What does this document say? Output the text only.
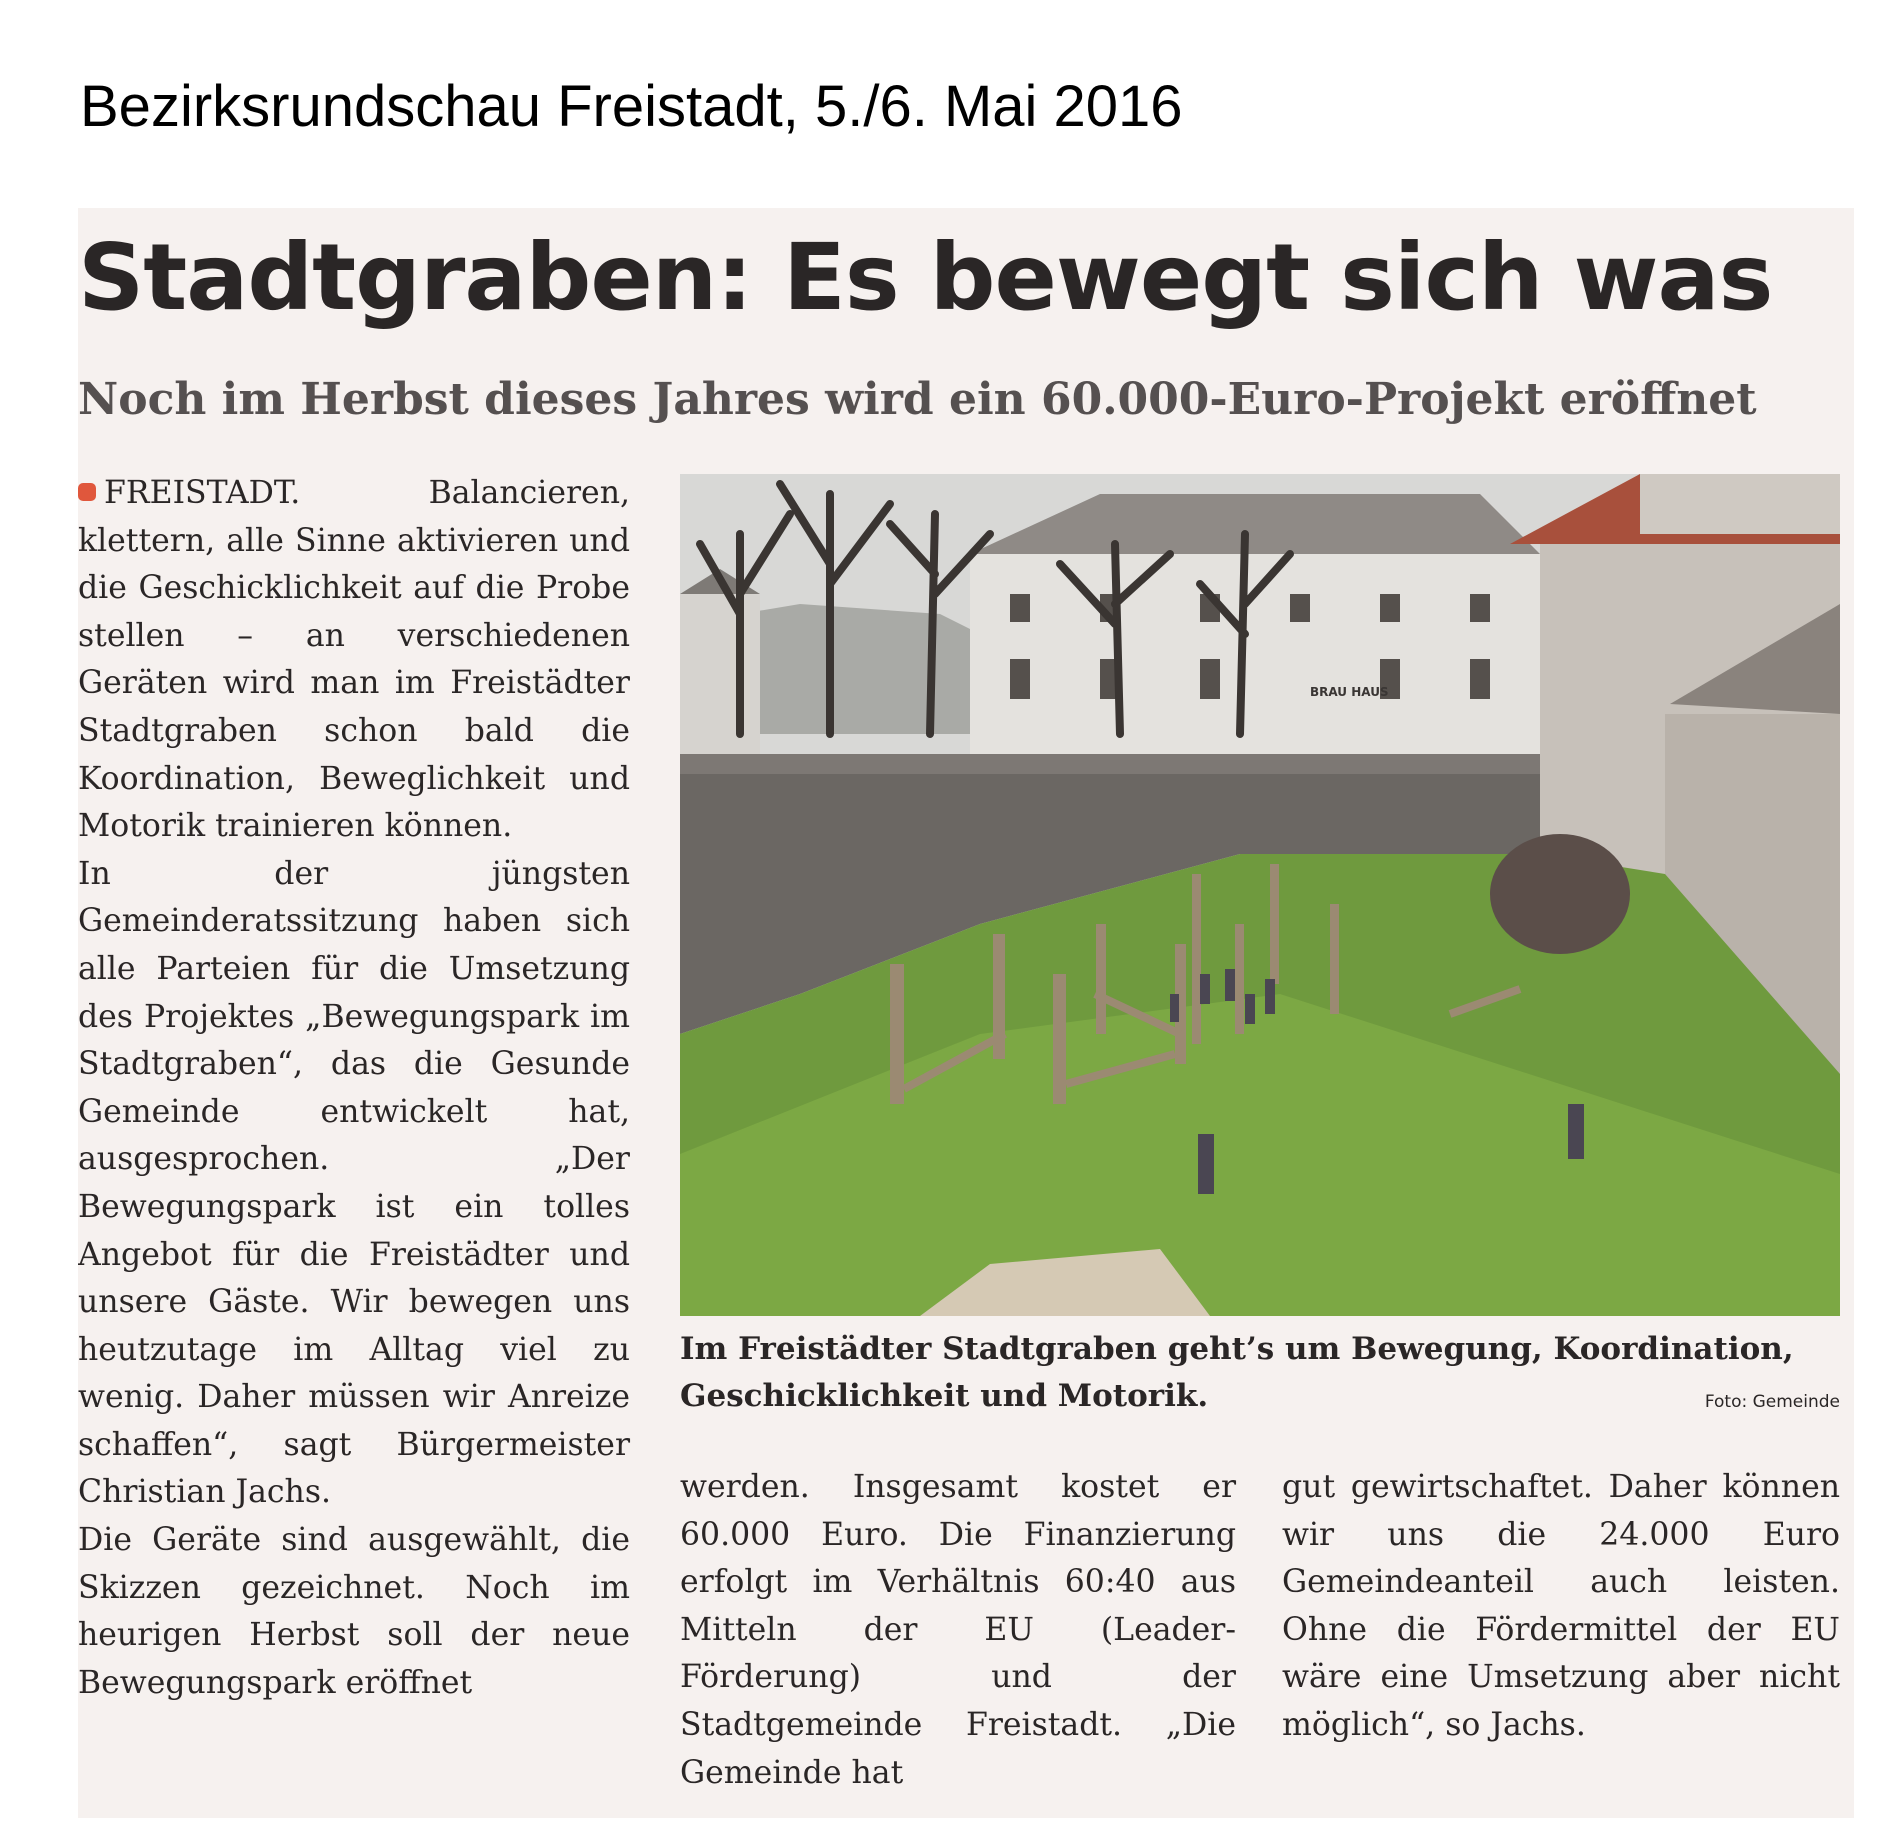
Bezirksrundschau Freistadt, 5./6. Mai 2016
Stadtgraben: Es bewegt sich was
Noch im Herbst dieses Jahres wird ein 60.000-Euro-Projekt eröffnet

FREISTADT.	Balancieren, klettern, alle Sinne aktivieren und die Geschicklichkeit auf die Probe stellen – an verschiedenen Geräten wird man im Freistädter Stadtgraben schon bald die Koordination, Beweglichkeit und Motorik trainieren können.

In der jüngsten Gemeinderatssitzung haben sich alle Parteien für die Umsetzung des Projektes „Bewegungspark im Stadtgraben“, das die Gesunde Gemeinde entwickelt hat, ausgesprochen. „Der Bewegungspark ist ein tolles Angebot für die Freistädter und unsere Gäste. Wir bewegen uns heutzutage im Alltag viel zu wenig. Daher müssen wir Anreize schaffen“, sagt Bürgermeister Christian Jachs.

Die Geräte sind ausgewählt, die Skizzen gezeichnet. Noch im heurigen Herbst soll der neue Bewegungspark eröffnet

BRAU HAUS
Im Freistädter Stadtgraben geht’s um Bewegung, Koordination, Geschicklichkeit und Motorik.	Foto: Gemeinde

werden. Insgesamt kostet er 60.000 Euro. Die Finanzierung erfolgt im Verhältnis 60:40 aus Mitteln der EU (Leader-Förderung) und der Stadtgemeinde Freistadt. „Die Gemeinde hat

gut gewirtschaftet. Daher können wir uns die 24.000 Euro Gemeindeanteil auch leisten. Ohne die Fördermittel der EU wäre eine Umsetzung aber nicht möglich“, so Jachs.
